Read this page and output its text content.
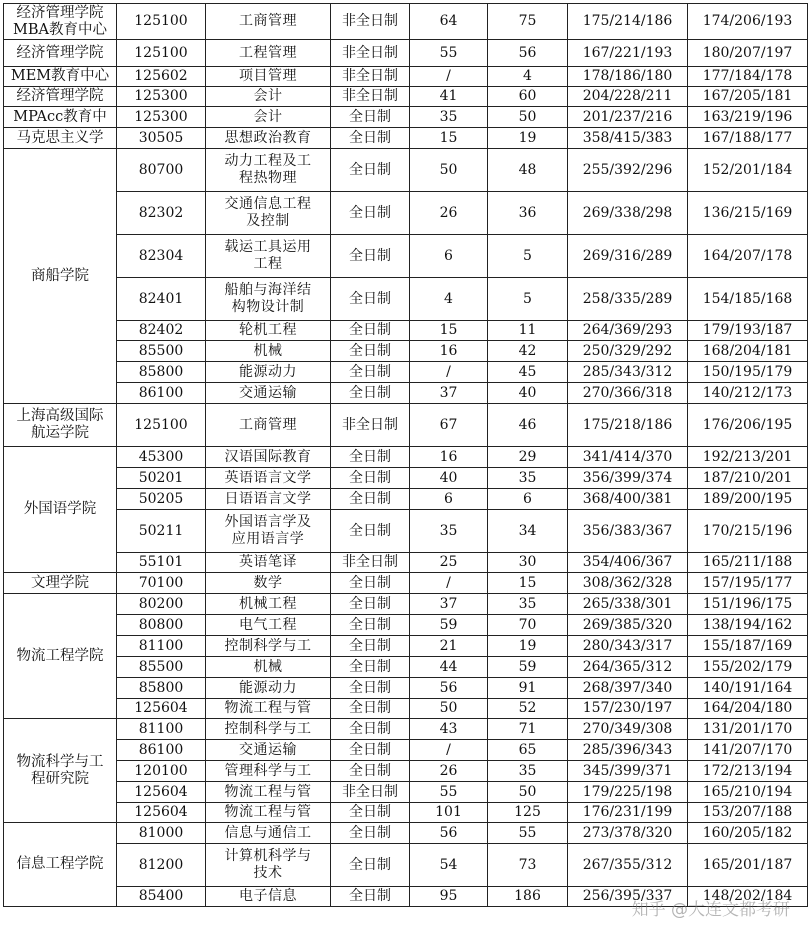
经济管理学院
MBA教育中心	125100	工商管理	非全日制	64	75	175/214/186	174/206/193

经济管理学院	125100	工程管理	非全日制	55	56	167/221/193	180/207/197

MEM教育中心	125602	项目管理	非全日制	/	4	178/186/180	177/184/178

经济管理学院	125300	会计	非全日制	41	60	204/228/211	167/205/181

MPAcc教育中	125300	会计	全日制	35	50	201/237/216	163/219/196

马克思主义学	30505	思想政治教育	全日制	15	19	358/415/383	167/188/177

商船学院	80700	动力工程及工
程热物理	全日制	50	48	255/392/296	152/201/184
	82302	交通信息工程
及控制	全日制	26	36	269/338/298	136/215/169
	82304	载运工具运用
工程	全日制	6	5	269/316/289	164/207/178
	82401	船舶与海洋结
构物设计制	全日制	4	5	258/335/289	154/185/168
	82402	轮机工程	全日制	15	11	264/369/293	179/193/187
	85500	机械	全日制	16	42	250/329/292	168/204/181
	85800	能源动力	全日制	/	45	285/343/312	150/195/179
	86100	交通运输	全日制	37	40	270/366/318	140/212/173

上海高级国际
航运学院	125100	工商管理	非全日制	67	46	175/218/186	176/206/195

外国语学院	45300	汉语国际教育	全日制	16	29	341/414/370	192/213/201
	50201	英语语言文学	全日制	40	35	356/399/374	187/210/201
	50205	日语语言文学	全日制	6	6	368/400/381	189/200/195
	50211	外国语言学及
应用语言学	全日制	35	34	356/383/367	170/215/196
	55101	英语笔译	非全日制	25	30	354/406/367	165/211/188

文理学院	70100	数学	全日制	/	15	308/362/328	157/195/177

物流工程学院	80200	机械工程	全日制	37	35	265/338/301	151/196/175
	80800	电气工程	全日制	59	70	269/385/320	138/194/162
	81100	控制科学与工	全日制	21	19	280/343/317	155/187/169
	85500	机械	全日制	44	59	264/365/312	155/202/179
	85800	能源动力	全日制	56	91	268/397/340	140/191/164
	125604	物流工程与管	全日制	50	52	157/230/197	164/204/180

物流科学与工
程研究院	81100	控制科学与工	全日制	43	71	270/349/308	131/201/170
	86100	交通运输	全日制	/	65	285/396/343	141/207/170
	120100	管理科学与工	全日制	26	35	345/399/371	172/213/194
	125604	物流工程与管	非全日制	55	50	179/225/198	165/210/194
	125604	物流工程与管	全日制	101	125	176/231/199	153/207/188

信息工程学院	81000	信息与通信工	全日制	56	55	273/378/320	160/205/182
	81200	计算机科学与
技术	全日制	54	73	267/355/312	165/201/187
	85400	电子信息	全日制	95	186	256/395/337	148/202/184
知乎 @大连文都考研
